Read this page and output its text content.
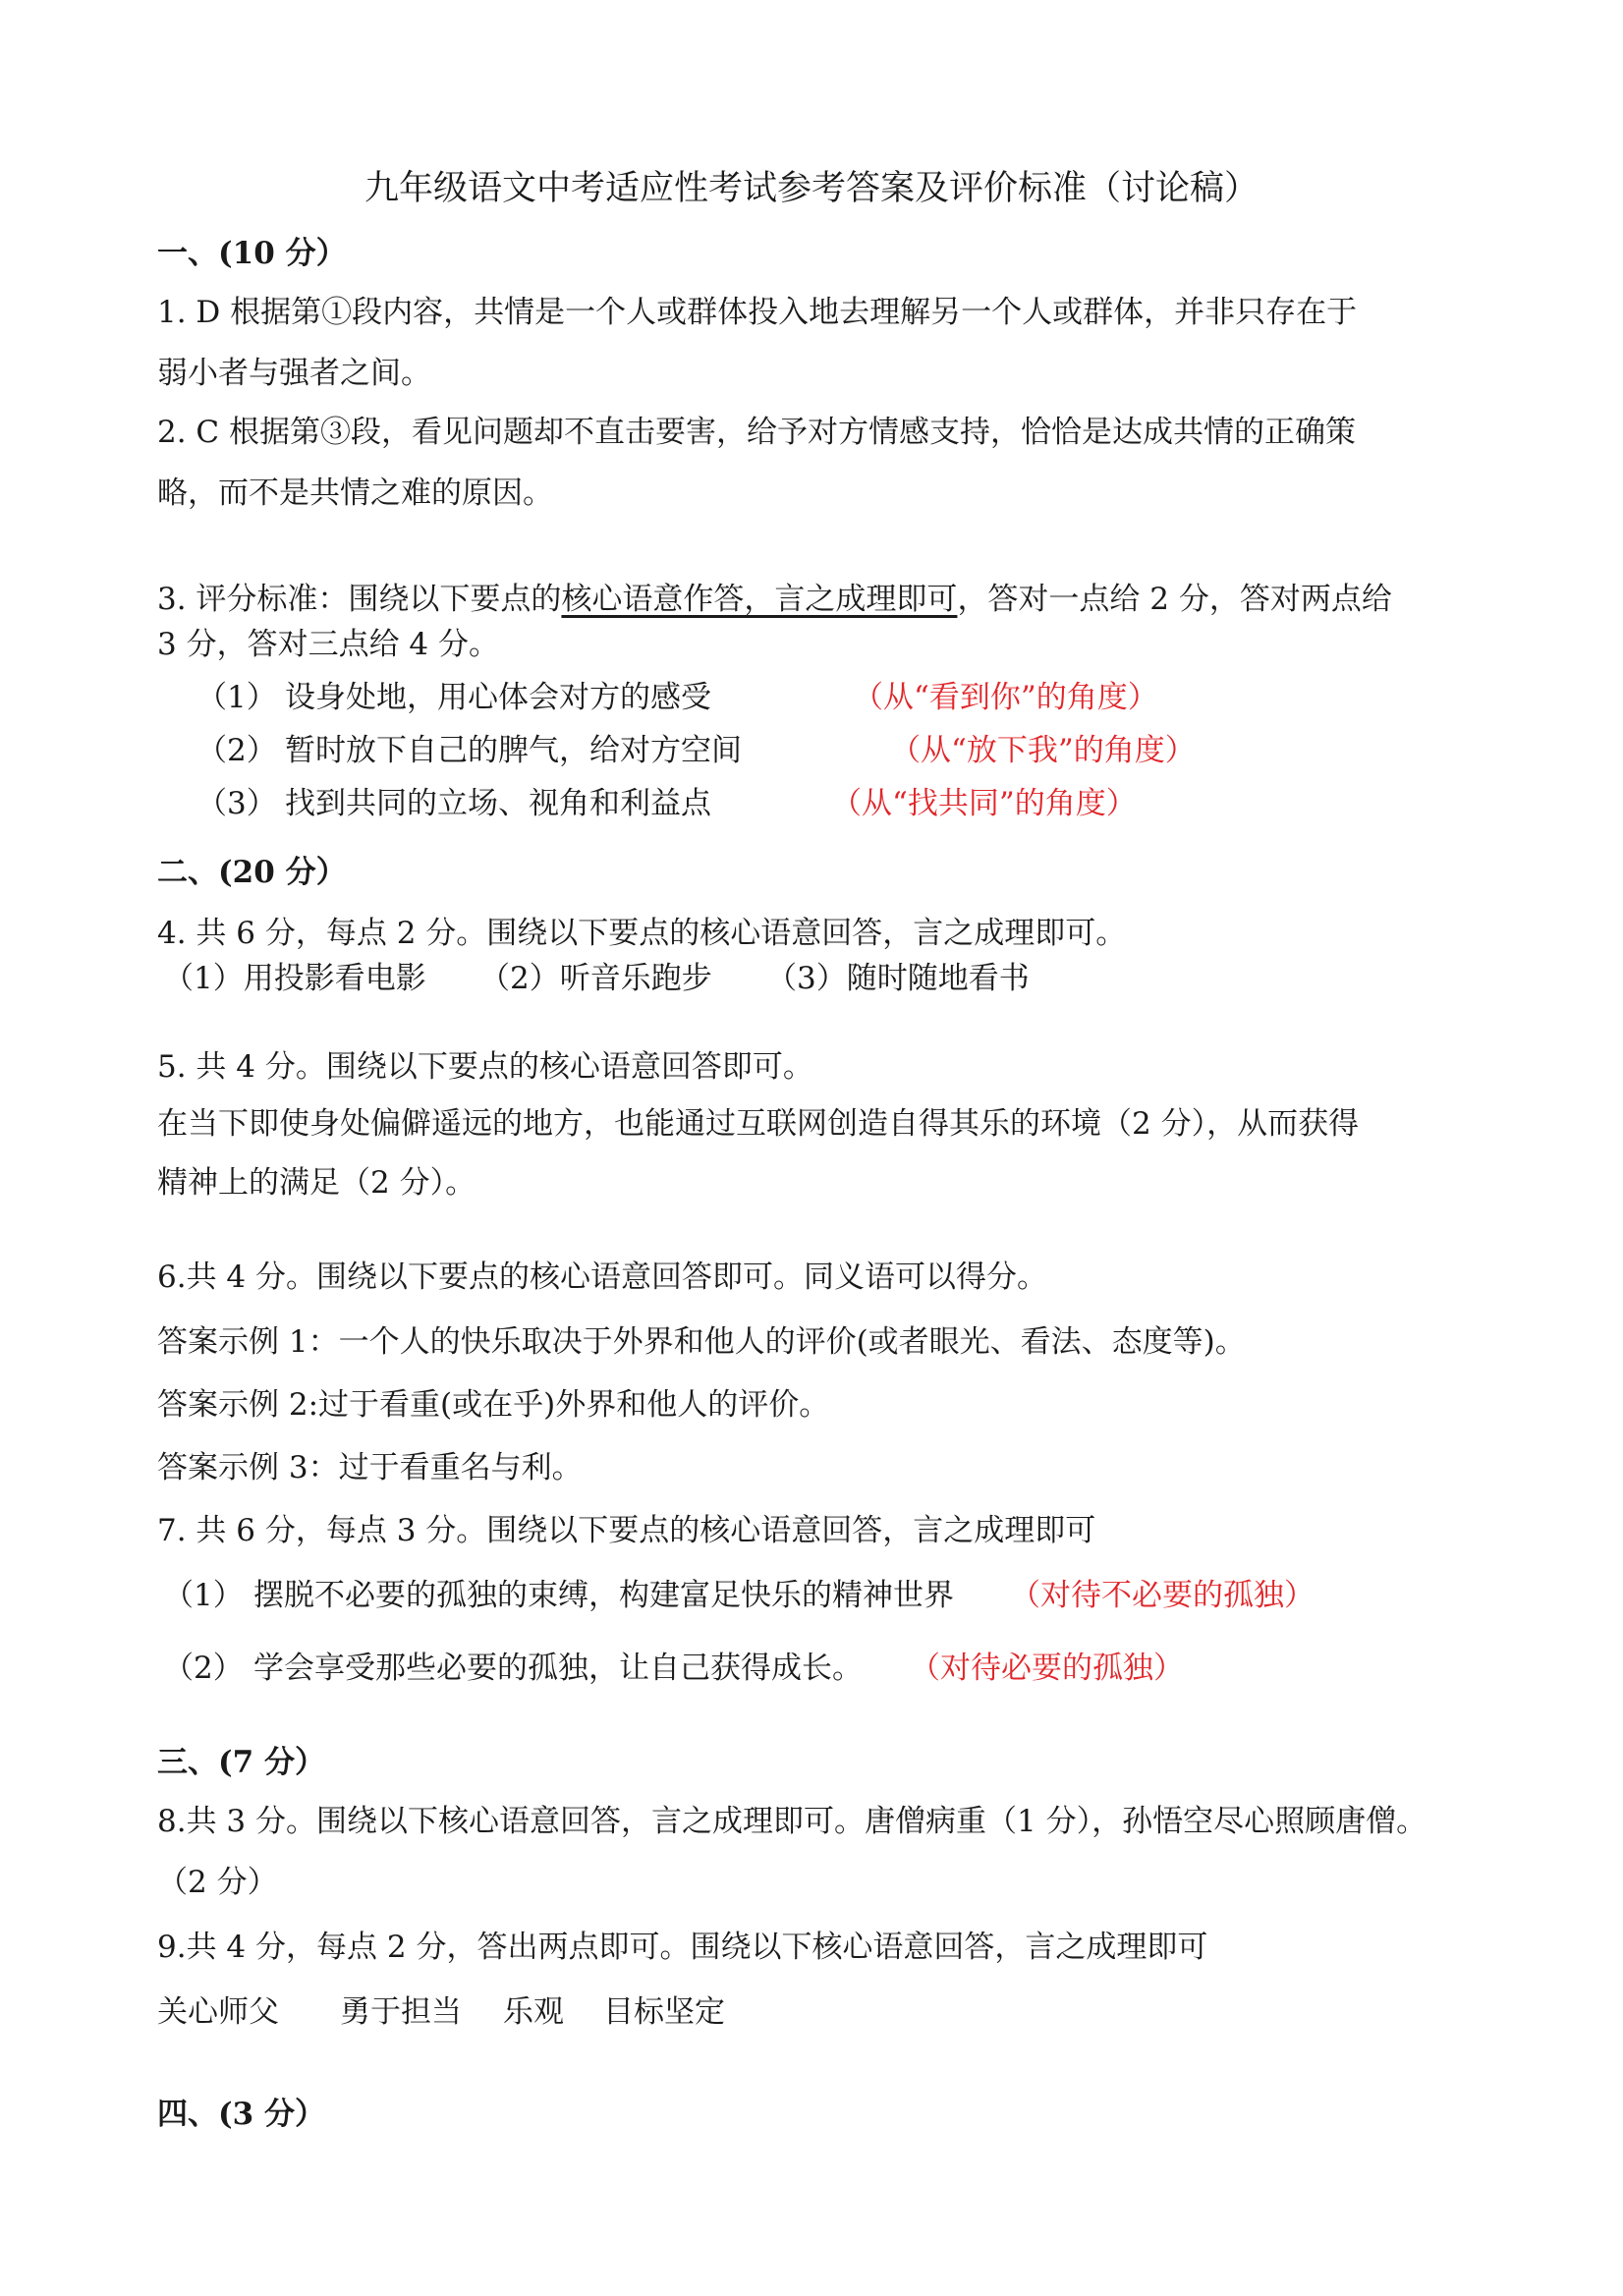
九年级语文中考适应性考试参考答案及评价标准（讨论稿）
一、(10 分）
1. D 根据第①段内容，共情是一个人或群体投入地去理解另一个人或群体，并非只存在于
弱小者与强者之间。
2. C 根据第③段，看见问题却不直击要害，给予对方情感支持，恰恰是达成共情的正确策
略，而不是共情之难的原因。
3. 评分标准：围绕以下要点的核心语意作答，言之成理即可，答对一点给 2 分，答对两点给
3 分，答对三点给 4 分。
（1） 设身处地，用心体会对方的感受	（从“看到你”的角度）
（2） 暂时放下自己的脾气，给对方空间	（从“放下我”的角度）
（3） 找到共同的立场、视角和利益点	（从“找共同”的角度）
二、(20 分）
4. 共 6 分，每点 2 分。围绕以下要点的核心语意回答，言之成理即可。
（1）用投影看电影 （2）听音乐跑步 （3）随时随地看书
5. 共 4 分。围绕以下要点的核心语意回答即可。
在当下即使身处偏僻遥远的地方，也能通过互联网创造自得其乐的环境（2 分），从而获得
精神上的满足（2 分）。
6.共 4 分。围绕以下要点的核心语意回答即可。同义语可以得分。
答案示例 1：一个人的快乐取决于外界和他人的评价(或者眼光、看法、态度等)。
答案示例 2:过于看重(或在乎)外界和他人的评价。
答案示例 3：过于看重名与利。
7. 共 6 分，每点 3 分。围绕以下要点的核心语意回答，言之成理即可
（1） 摆脱不必要的孤独的束缚，构建富足快乐的精神世界 （对待不必要的孤独）
（2） 学会享受那些必要的孤独，让自己获得成长。 （对待必要的孤独）
三、(7 分）
8.共 3 分。围绕以下核心语意回答，言之成理即可。唐僧病重（1 分），孙悟空尽心照顾唐僧。
（2 分）
9.共 4 分，每点 2 分，答出两点即可。围绕以下核心语意回答，言之成理即可
关心师父 勇于担当 乐观 目标坚定
四、(3 分）
